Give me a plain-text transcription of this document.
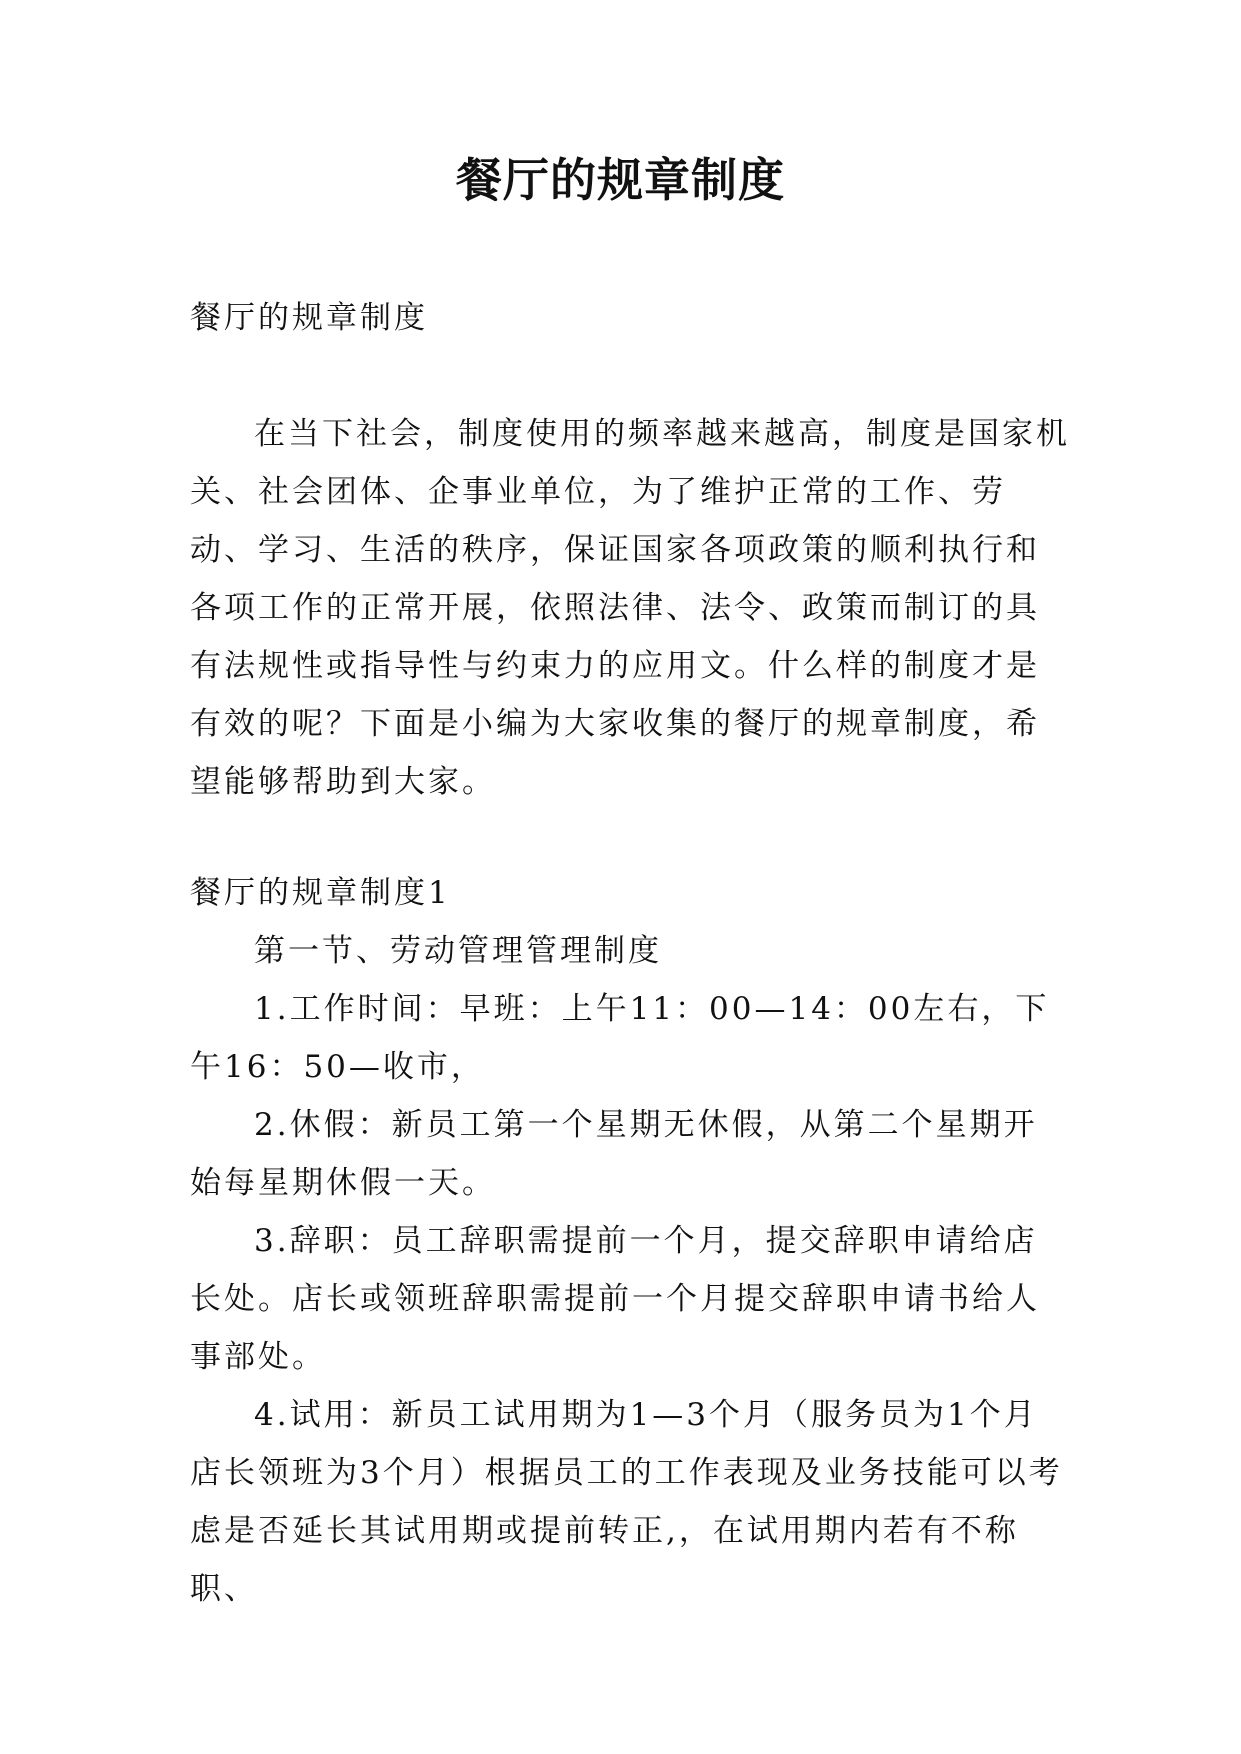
餐厅的规章制度

餐厅的规章制度

在当下社会，制度使用的频率越来越高，制度是国家机关、社会团体、企事业单位，为了维护正常的工作、劳动、学习、生活的秩序，保证国家各项政策的顺利执行和各项工作的正常开展，依照法律、法令、政策而制订的具有法规性或指导性与约束力的应用文。什么样的制度才是有效的呢？下面是小编为大家收集的餐厅的规章制度，希望能够帮助到大家。

餐厅的规章制度1

第一节、劳动管理管理制度

1.工作时间：早班：上午11：00—14：00左右，下午16：50—收市，

2.休假：新员工第一个星期无休假，从第二个星期开始每星期休假一天。

3.辞职：员工辞职需提前一个月，提交辞职申请给店长处。店长或领班辞职需提前一个月提交辞职申请书给人事部处。

4.试用：新员工试用期为1—3个月（服务员为1个月店长领班为3个月）根据员工的工作表现及业务技能可以考虑是否延长其试用期或提前转正,，在试用期内若有不称职、
